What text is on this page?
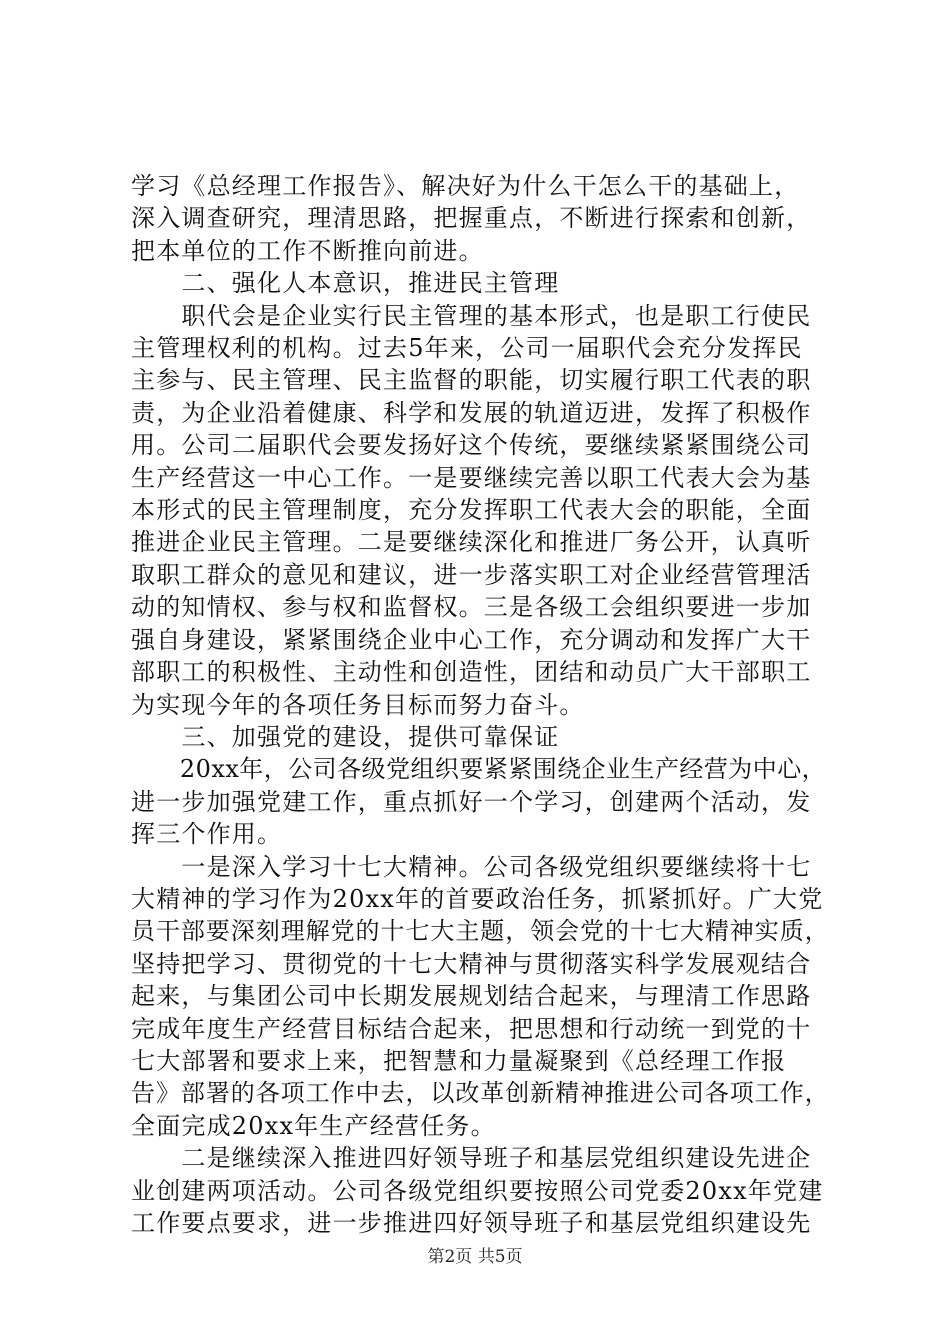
学习《总经理工作报告》、解决好为什么干怎么干的基础上，

深入调查研究，理清思路，把握重点，不断进行探索和创新，

把本单位的工作不断推向前进。

　　二、强化人本意识，推进民主管理

　　职代会是企业实行民主管理的基本形式，也是职工行使民

主管理权利的机构。过去5年来，公司一届职代会充分发挥民

主参与、民主管理、民主监督的职能，切实履行职工代表的职

责，为企业沿着健康、科学和发展的轨道迈进，发挥了积极作

用。公司二届职代会要发扬好这个传统，要继续紧紧围绕公司

生产经营这一中心工作。一是要继续完善以职工代表大会为基

本形式的民主管理制度，充分发挥职工代表大会的职能，全面

推进企业民主管理。二是要继续深化和推进厂务公开，认真听

取职工群众的意见和建议，进一步落实职工对企业经营管理活

动的知情权、参与权和监督权。三是各级工会组织要进一步加

强自身建设，紧紧围绕企业中心工作，充分调动和发挥广大干

部职工的积极性、主动性和创造性，团结和动员广大干部职工

为实现今年的各项任务目标而努力奋斗。

　　三、加强党的建设，提供可靠保证

　　20xx年，公司各级党组织要紧紧围绕企业生产经营为中心，

进一步加强党建工作，重点抓好一个学习，创建两个活动，发

挥三个作用。

　　一是深入学习十七大精神。公司各级党组织要继续将十七

大精神的学习作为20xx年的首要政治任务，抓紧抓好。广大党

员干部要深刻理解党的十七大主题，领会党的十七大精神实质，

坚持把学习、贯彻党的十七大精神与贯彻落实科学发展观结合

起来，与集团公司中长期发展规划结合起来，与理清工作思路

完成年度生产经营目标结合起来，把思想和行动统一到党的十

七大部署和要求上来，把智慧和力量凝聚到《总经理工作报

告》部署的各项工作中去，以改革创新精神推进公司各项工作，

全面完成20xx年生产经营任务。

　　二是继续深入推进四好领导班子和基层党组织建设先进企

业创建两项活动。公司各级党组织要按照公司党委20xx年党建

工作要点要求，进一步推进四好领导班子和基层党组织建设先

第2页 共5页
